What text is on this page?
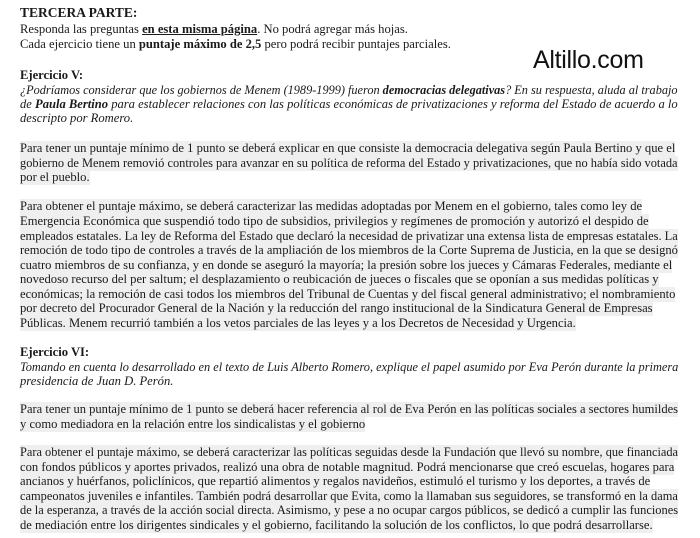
Altillo.com
TERCERA PARTE:
Responda las preguntas en esta misma página. No podrá agregar más hojas.
Cada ejercicio tiene un puntaje máximo de 2,5 pero podrá recibir puntajes parciales.
Ejercicio V:
¿Podríamos considerar que los gobiernos de Menem (1989-1999) fueron democracias delegativas? En su respuesta, aluda al trabajo
de Paula Bertino para establecer relaciones con las políticas económicas de privatizaciones y reforma del Estado de acuerdo a lo
descripto por Romero.
Para tener un puntaje mínimo de 1 punto se deberá explicar en que consiste la democracia delegativa según Paula Bertino y que el
gobierno de Menem removió controles para avanzar en su política de reforma del Estado y privatizaciones, que no había sido votada
por el pueblo.
Para obtener el puntaje máximo, se deberá caracterizar las medidas adoptadas por Menem en el gobierno, tales como ley de
Emergencia Económica que suspendió todo tipo de subsidios, privilegios y regímenes de promoción y autorizó el despido de
empleados estatales. La ley de Reforma del Estado que declaró la necesidad de privatizar una extensa lista de empresas estatales. La
remoción de todo tipo de controles a través de la ampliación de los miembros de la Corte Suprema de Justicia, en la que se designó
cuatro miembros de su confianza, y en donde se aseguró la mayoría; la presión sobre los jueces y Cámaras Federales, mediante el
novedoso recurso del per saltum; el desplazamiento o reubicación de jueces o fiscales que se oponían a sus medidas políticas y
económicas; la remoción de casi todos los miembros del Tribunal de Cuentas y del fiscal general administrativo; el nombramiento
por decreto del Procurador General de la Nación y la reducción del rango institucional de la Sindicatura General de Empresas
Públicas. Menem recurrió también a los vetos parciales de las leyes y a los Decretos de Necesidad y Urgencia.
Ejercicio VI:
Tomando en cuenta lo desarrollado en el texto de Luis Alberto Romero, explique el papel asumido por Eva Perón durante la primera
presidencia de Juan D. Perón.
Para tener un puntaje mínimo de 1 punto se deberá hacer referencia al rol de Eva Perón en las políticas sociales a sectores humildes
y como mediadora en la relación entre los sindicalistas y el gobierno
Para obtener el puntaje máximo, se deberá caracterizar las políticas seguidas desde la Fundación que llevó su nombre, que financiada
con fondos públicos y aportes privados, realizó una obra de notable magnitud. Podrá mencionarse que creó escuelas, hogares para
ancianos y huérfanos, policlínicos, que repartió alimentos y regalos navideños, estimuló el turismo y los deportes, a través de
campeonatos juveniles e infantiles. También podrá desarrollar que Evita, como la llamaban sus seguidores, se transformó en la dama
de la esperanza, a través de la acción social directa. Asimismo, y pese a no ocupar cargos públicos, se dedicó a cumplir las funciones
de mediación entre los dirigentes sindicales y el gobierno, facilitando la solución de los conflictos, lo que podrá desarrollarse.
